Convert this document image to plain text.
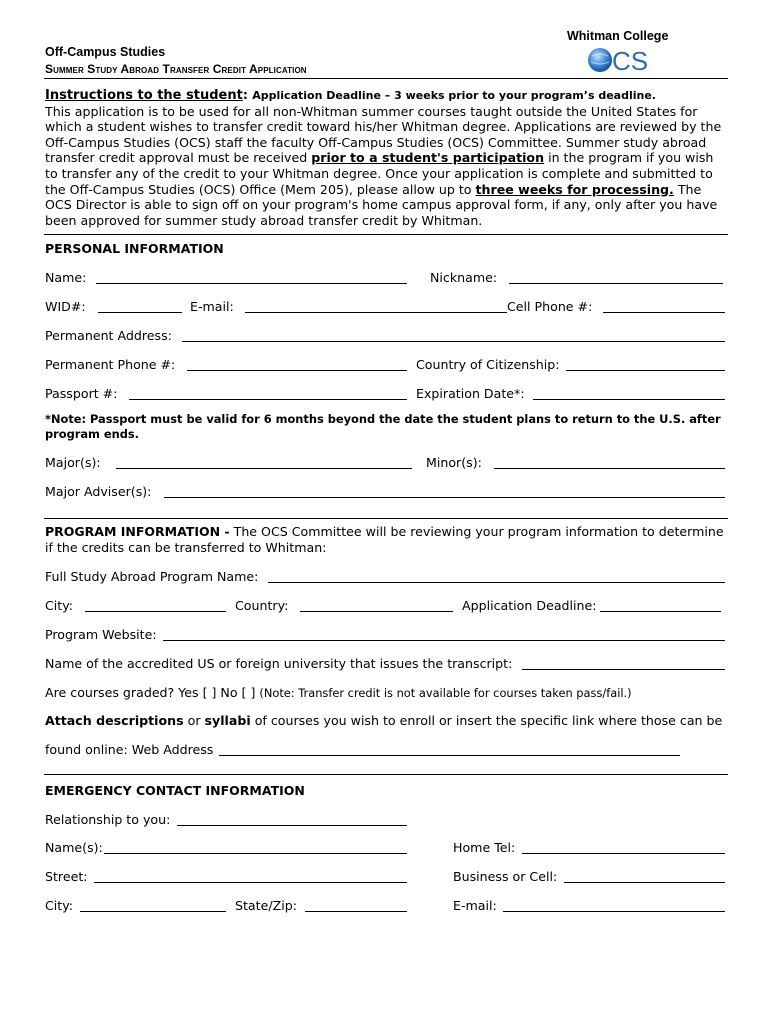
Whitman College
CS
Off-Campus Studies
Summer Study Abroad Transfer Credit Application
Instructions to the student: Application Deadline – 3 weeks prior to your program’s deadline.
This application is to be used for all non-Whitman summer courses taught outside the United States for which a student wishes to transfer credit toward his/her Whitman degree. Applications are reviewed by the Off-Campus Studies (OCS) staff the faculty Off-Campus Studies (OCS) Committee. Summer study abroad transfer credit approval must be received prior to a student's participation in the program if you wish to transfer any of the credit to your Whitman degree. Once your application is complete and submitted to the Off-Campus Studies (OCS) Office (Mem 205), please allow up to three weeks for processing. The OCS Director is able to sign off on your program's home campus approval form, if any, only after you have been approved for summer study abroad transfer credit by Whitman.
PERSONAL INFORMATION
Name:	Nickname:
WID#:	E-mail:	Cell Phone #:
Permanent Address:
Permanent Phone #:	Country of Citizenship:
Passport #:	Expiration Date*:
*Note: Passport must be valid for 6 months beyond the date the student plans to return to the U.S. after program ends.
Major(s):	Minor(s):
Major Adviser(s):
PROGRAM INFORMATION - The OCS Committee will be reviewing your program information to determine if the credits can be transferred to Whitman:
Full Study Abroad Program Name:
City:	Country:	Application Deadline:
Program Website:
Name of the accredited US or foreign university that issues the transcript:
Are courses graded? Yes [ ] No [ ] (Note: Transfer credit is not available for courses taken pass/fail.)
Attach descriptions or syllabi of courses you wish to enroll or insert the specific link where those can be
found online: Web Address
EMERGENCY CONTACT INFORMATION
Relationship to you:
Name(s):	Home Tel:
Street:	Business or Cell:
City:	State/Zip:	E-mail:
